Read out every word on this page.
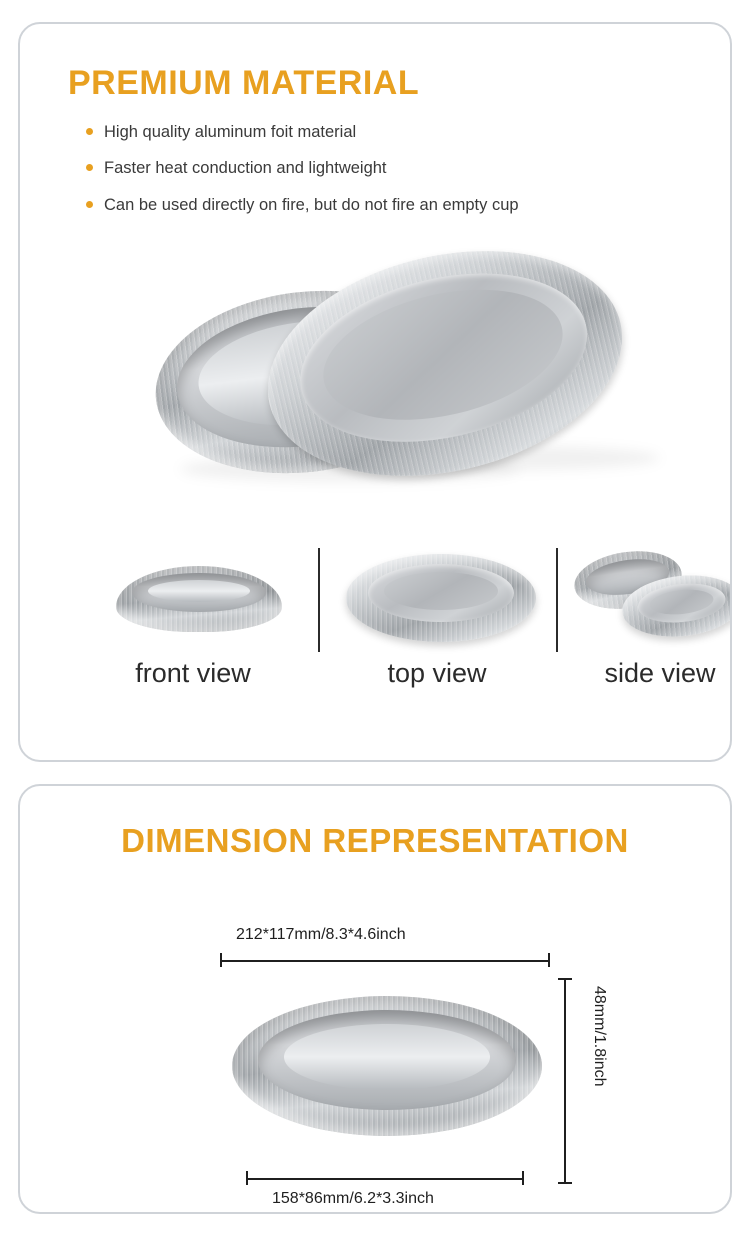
PREMIUM MATERIAL
High quality aluminum foit material
Faster heat conduction and lightweight
Can be used directly on fire, but do not fire an empty cup
front view	top view	side view
DIMENSION REPRESENTATION
212*117mm/8.3*4.6inch
48mm/1.8inch
158*86mm/6.2*3.3inch
